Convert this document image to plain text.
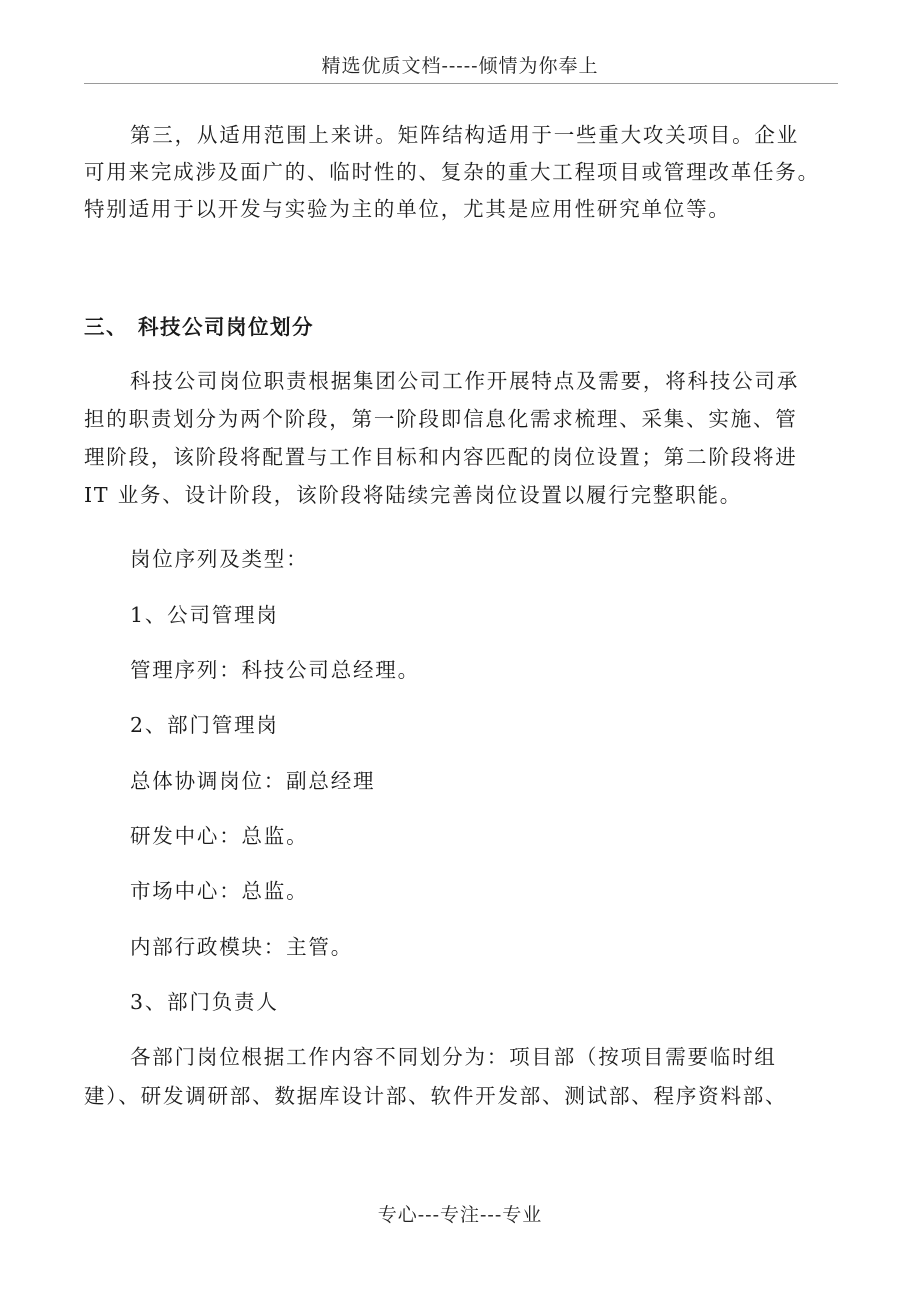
精选优质文档-----倾情为你奉上
第三，从适用范围上来讲。矩阵结构适用于一些重大攻关项目。企业
可用来完成涉及面广的、临时性的、复杂的重大工程项目或管理改革任务。
特别适用于以开发与实验为主的单位，尤其是应用性研究单位等。
三、 科技公司岗位划分
科技公司岗位职责根据集团公司工作开展特点及需要，将科技公司承
担的职责划分为两个阶段，第一阶段即信息化需求梳理、采集、实施、管
理阶段，该阶段将配置与工作目标和内容匹配的岗位设置；第二阶段将进
IT 业务、设计阶段，该阶段将陆续完善岗位设置以履行完整职能。
岗位序列及类型：
1、公司管理岗
管理序列：科技公司总经理。
2、部门管理岗
总体协调岗位：副总经理
研发中心：总监。
市场中心：总监。
内部行政模块：主管。
3、部门负责人
各部门岗位根据工作内容不同划分为：项目部（按项目需要临时组
建）、研发调研部、数据库设计部、软件开发部、测试部、程序资料部、
专心---专注---专业
